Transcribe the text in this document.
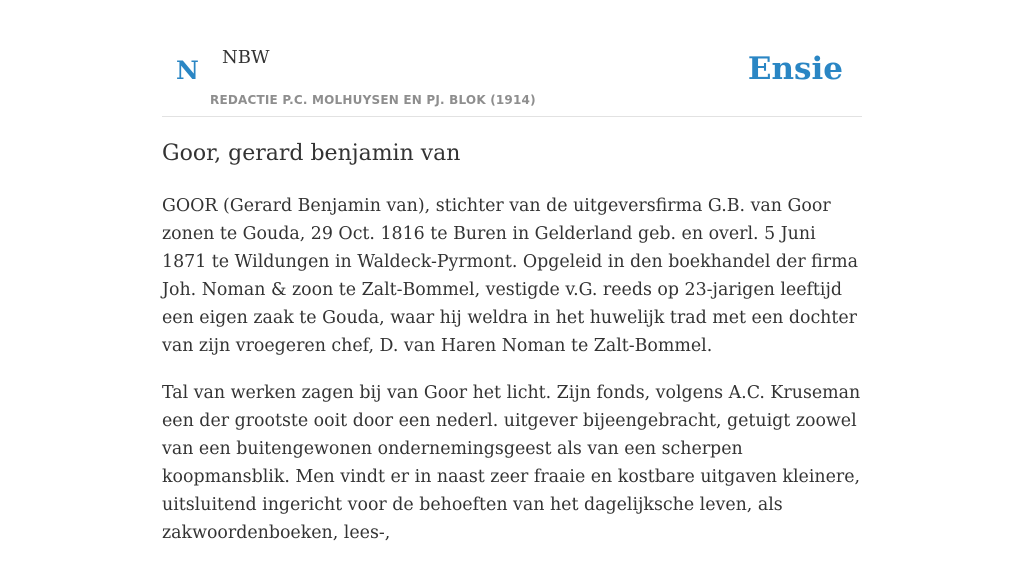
N NBW
REDACTIE P.C. MOLHUYSEN EN PJ. BLOK (1914)
Ensie
Goor, gerard benjamin van

GOOR (Gerard Benjamin van), stichter van de uitgeversfirma G.B. van Goor zonen te Gouda, 29 Oct. 1816 te Buren in Gelderland geb. en overl. 5 Juni 1871 te Wildungen in Waldeck-Pyrmont. Opgeleid in den boekhandel der firma Joh. Noman & zoon te Zalt-Bommel, vestigde v.G. reeds op 23-jarigen leeftijd een eigen zaak te Gouda, waar hij weldra in het huwelijk trad met een dochter van zijn vroegeren chef, D. van Haren Noman te Zalt-Bommel.

Tal van werken zagen bij van Goor het licht. Zijn fonds, volgens A.C. Kruseman een der grootste ooit door een nederl. uitgever bijeengebracht, getuigt zoowel van een buitengewonen ondernemingsgeest als van een scherpen koopmansblik. Men vindt er in naast zeer fraaie en kostbare uitgaven kleinere, uitsluitend ingericht voor de behoeften van het dagelijksche leven, als zakwoordenboeken, lees-,
